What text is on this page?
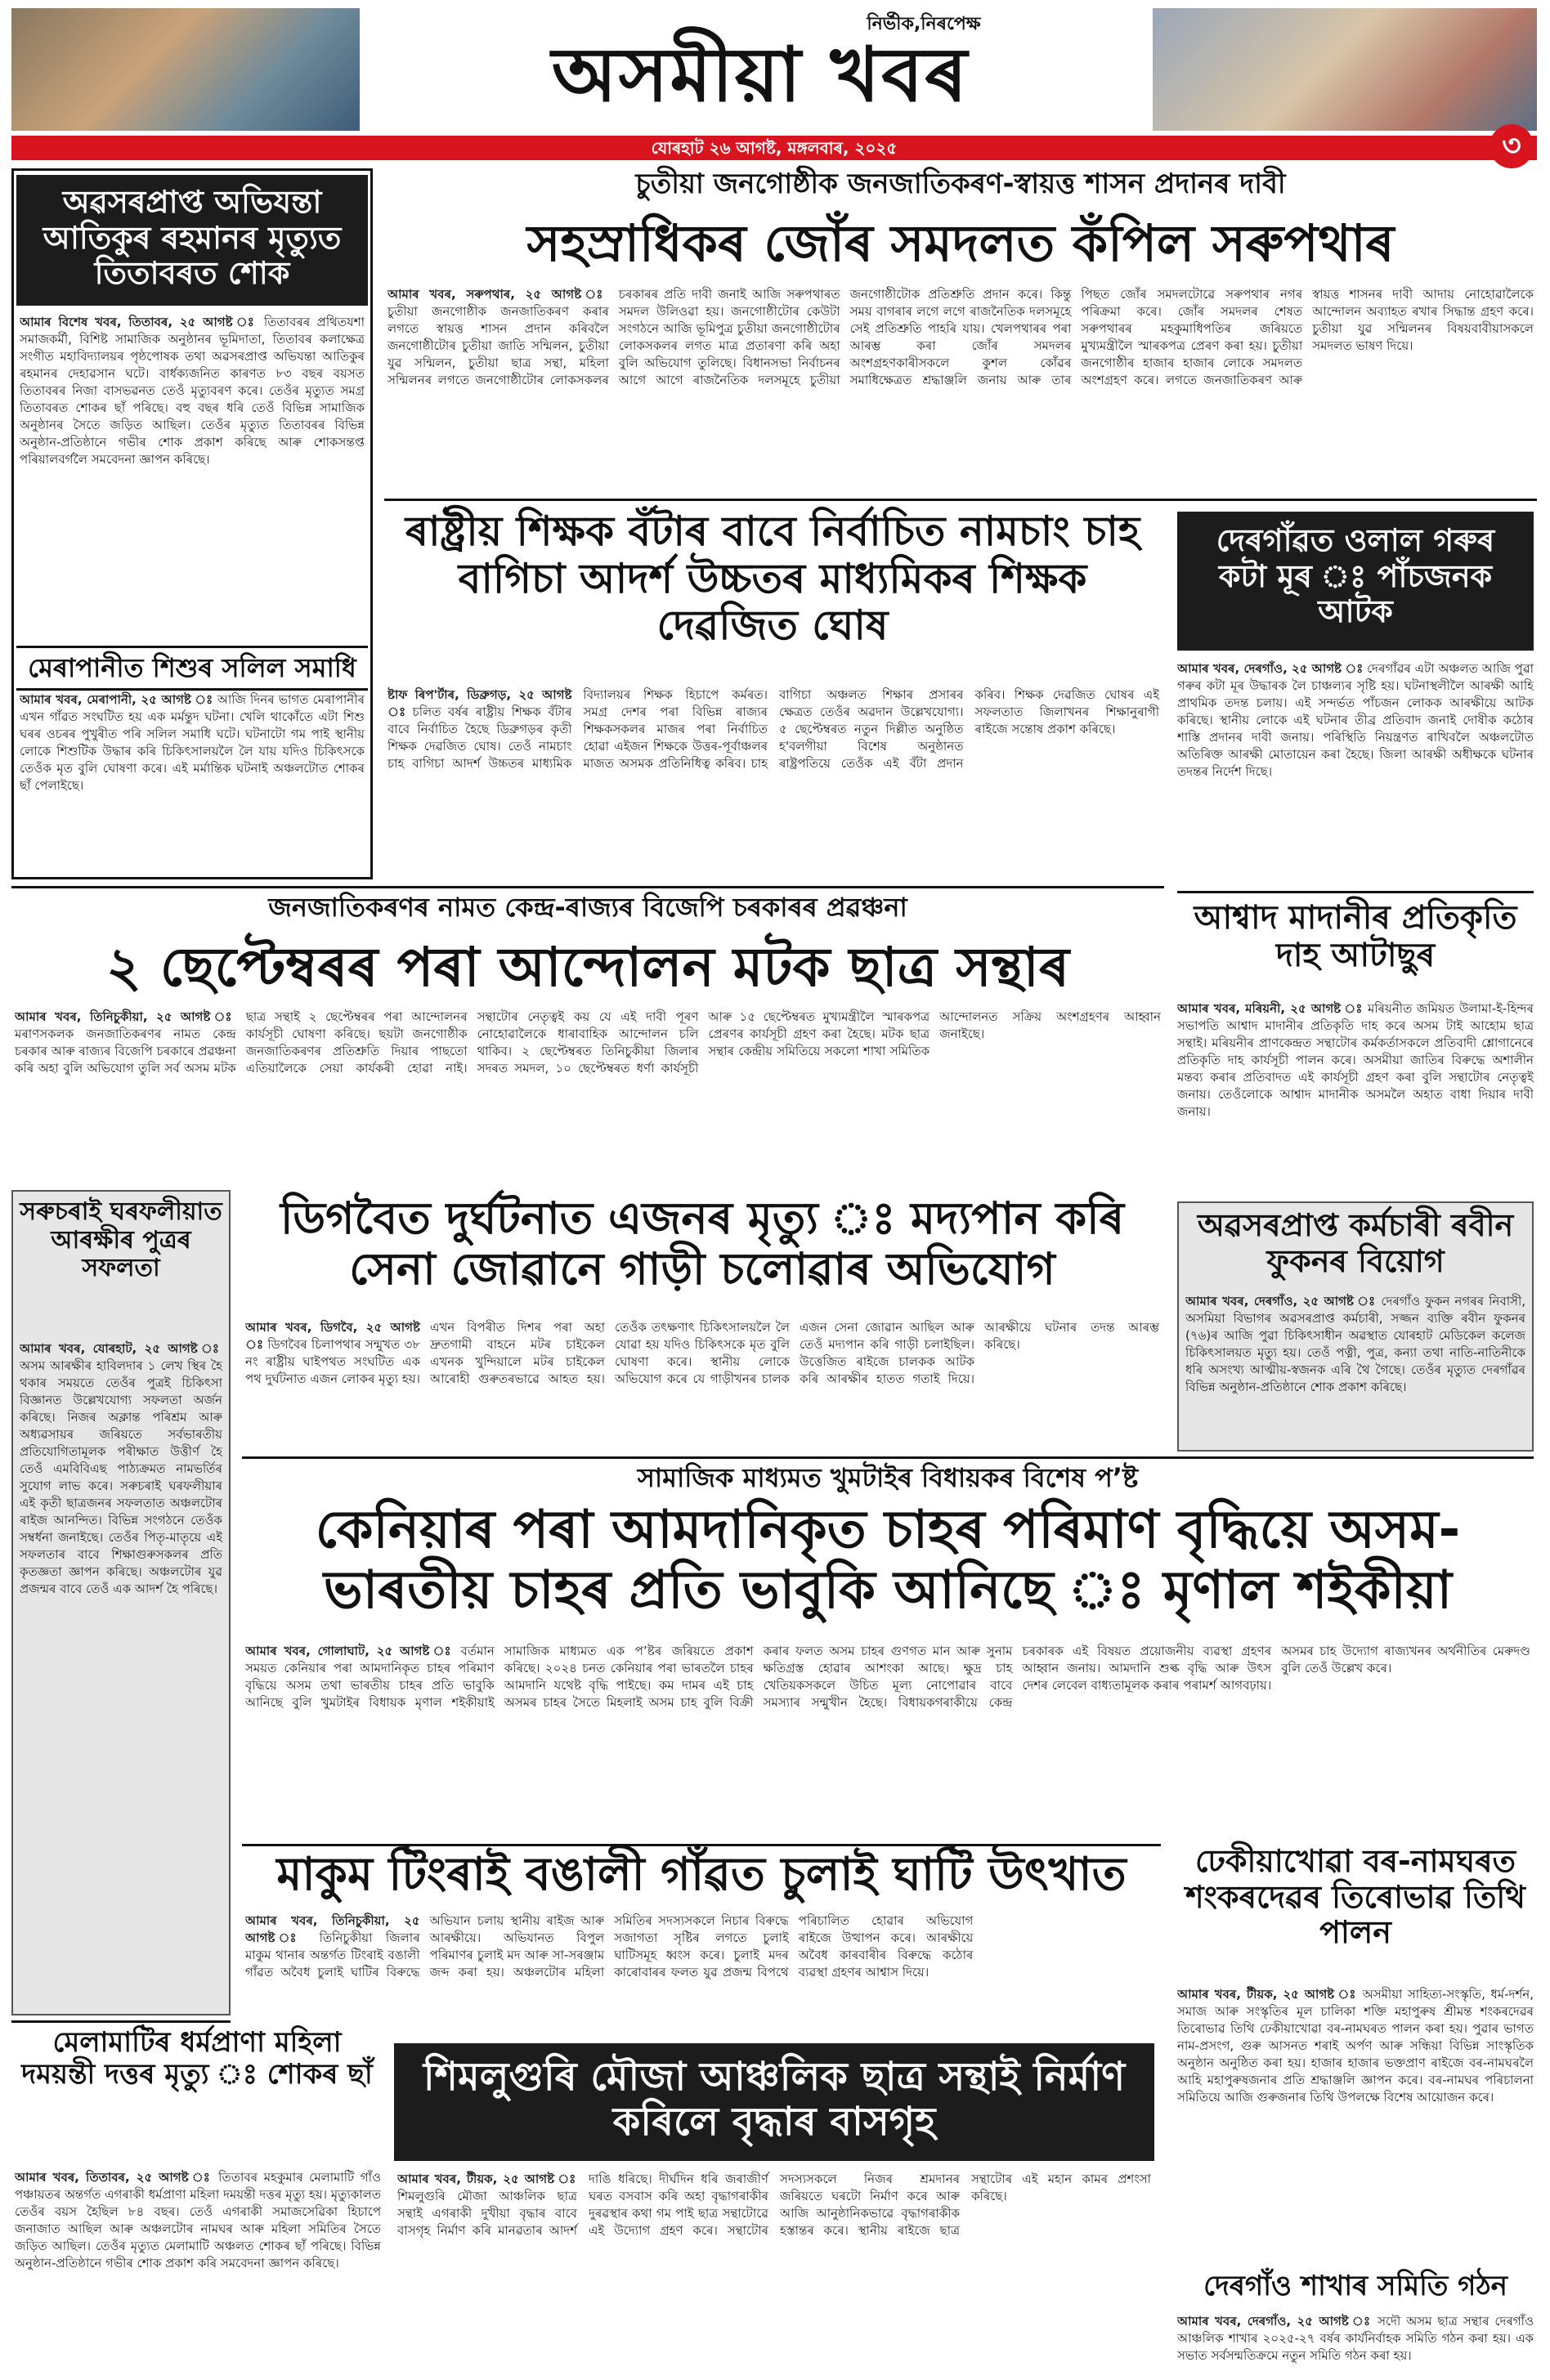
নিৰ্ভীক,নিৰপেক্ষ
অসমীয়া খবৰ
যোৰহাট ২৬ আগষ্ট, মঙ্গলবাৰ, ২০২৫	৩
অৱসৰপ্ৰাপ্ত অভিযন্তা আতিকুৰ ৰহমানৰ মৃত্যুত তিতাবৰত শোক
আমাৰ বিশেষ খবৰ, তিতাবৰ, ২৫ আগষ্ট ঃ তিতাবৰৰ প্ৰথিতযশা সমাজকৰ্মী, বিশিষ্ট সামাজিক অনুষ্ঠানৰ ভূমিদাতা, তিতাবৰ কলাক্ষেত্ৰ সংগীত মহাবিদ্যালয়ৰ পৃষ্ঠপোষক তথা অৱসৰপ্ৰাপ্ত অভিযন্তা আতিকুৰ ৰহমানৰ দেহাৱসান ঘটে। বাৰ্ধক্যজনিত কাৰণত ৮৩ বছৰ বয়সত তিতাবৰৰ নিজা বাসভৱনত তেওঁ মৃত্যুবৰণ কৰে। তেওঁৰ মৃত্যুত সমগ্ৰ তিতাবৰত শোকৰ ছাঁ পৰিছে। বহু বছৰ ধৰি তেওঁ বিভিন্ন সামাজিক অনুষ্ঠানৰ সৈতে জড়িত আছিল। তেওঁৰ মৃত্যুত তিতাবৰৰ বিভিন্ন অনুষ্ঠান-প্ৰতিষ্ঠানে গভীৰ শোক প্ৰকাশ কৰিছে আৰু শোকসন্তপ্ত পৰিয়ালবৰ্গলৈ সমবেদনা জ্ঞাপন কৰিছে।
মেৰাপানীত শিশুৰ সলিল সমাধি
আমাৰ খবৰ, মেৰাপানী, ২৫ আগষ্ট ঃ আজি দিনৰ ভাগত মেৰাপানীৰ এখন গাঁৱত সংঘটিত হয় এক মৰ্মন্তুদ ঘটনা। খেলি থাকোঁতে এটা শিশু ঘৰৰ ওচৰৰ পুখুৰীত পৰি সলিল সমাধি ঘটে। ঘটনাটো গম পাই স্থানীয় লোকে শিশুটিক উদ্ধাৰ কৰি চিকিৎসালয়লৈ লৈ যায় যদিও চিকিৎসকে তেওঁক মৃত বুলি ঘোষণা কৰে। এই মৰ্মান্তিক ঘটনাই অঞ্চলটোত শোকৰ ছাঁ পেলাইছে।
চুতীয়া জনগোষ্ঠীক জনজাতিকৰণ-স্বায়ত্ত শাসন প্ৰদানৰ দাবী
সহস্ৰাধিকৰ জোঁৰ সমদলত কঁপিল সৰুপথাৰ
আমাৰ খবৰ, সৰুপথাৰ, ২৫ আগষ্ট ঃ চুতীয়া জনগোষ্ঠীক জনজাতিকৰণ কৰাৰ লগতে স্বায়ত্ত শাসন প্ৰদান কৰিবলৈ জনগোষ্ঠীটোৰ চুতীয়া জাতি সন্মিলন, চুতীয়া যুৱ সন্মিলন, চুতীয়া ছাত্ৰ সন্থা, মহিলা সন্মিলনৰ লগতে জনগোষ্ঠীটোৰ লোকসকলৰ চৰকাৰৰ প্ৰতি দাবী জনাই আজি সৰুপথাৰত সমদল উলিওৱা হয়। জনগোষ্ঠীটোৰ কেউটা সংগঠনে আজি ভূমিপুত্ৰ চুতীয়া জনগোষ্ঠীটোৰ লোকসকলৰ লগত মাত্ৰ প্ৰতাৰণা কৰি অহা বুলি অভিযোগ তুলিছে। বিধানসভা নিৰ্বাচনৰ আগে আগে ৰাজনৈতিক দলসমূহে চুতীয়া জনগোষ্ঠীটোক প্ৰতিশ্ৰুতি প্ৰদান কৰে। কিন্তু সময় বাগৰাৰ লগে লগে ৰাজনৈতিক দলসমূহে সেই প্ৰতিশ্ৰুতি পাহৰি যায়। খেলপথাৰৰ পৰা আৰম্ভ কৰা জোঁৰ সমদলৰ অংশগ্ৰহণকাৰীসকলে কুশল কোঁৱৰ সমাধিক্ষেত্ৰত শ্ৰদ্ধাঞ্জলি জনায় আৰু তাৰ পিছত জোঁৰ সমদলটোৱে সৰুপথাৰ নগৰ পৰিক্ৰমা কৰে। জোঁৰ সমদলৰ শেষত সৰুপথাৰৰ মহকুমাধিপতিৰ জৰিয়তে মুখ্যমন্ত্ৰীলৈ স্মাৰকপত্ৰ প্ৰেৰণ কৰা হয়। চুতীয়া জনগোষ্ঠীৰ হাজাৰ হাজাৰ লোকে সমদলত অংশগ্ৰহণ কৰে। লগতে জনজাতিকৰণ আৰু স্বায়ত্ত শাসনৰ দাবী আদায় নোহোৱালৈকে আন্দোলন অব্যাহত ৰখাৰ সিদ্ধান্ত গ্ৰহণ কৰে। চুতীয়া যুৱ সন্মিলনৰ বিষয়বাবীয়াসকলে সমদলত ভাষণ দিয়ে।
ৰাষ্ট্ৰীয় শিক্ষক বঁটাৰ বাবে নিৰ্বাচিত নামচাং চাহ বাগিচা আদৰ্শ উচ্চতৰ মাধ্যমিকৰ শিক্ষক দেৱজিত ঘোষ
ষ্টাফ ৰিপ'ৰ্টাৰ, ডিব্ৰুগড়, ২৫ আগষ্ট ঃ চলিত বৰ্ষৰ ৰাষ্ট্ৰীয় শিক্ষক বঁটাৰ বাবে নিৰ্বাচিত হৈছে ডিব্ৰুগড়ৰ কৃতী শিক্ষক দেৱজিত ঘোষ। তেওঁ নামচাং চাহ বাগিচা আদৰ্শ উচ্চতৰ মাধ্যমিক বিদ্যালয়ৰ শিক্ষক হিচাপে কৰ্মৰত। সমগ্ৰ দেশৰ পৰা বিভিন্ন ৰাজ্যৰ শিক্ষকসকলৰ মাজৰ পৰা নিৰ্বাচিত হোৱা এইজন শিক্ষকে উত্তৰ-পূৰ্বাঞ্চলৰ মাজত অসমক প্ৰতিনিধিত্ব কৰিব। চাহ বাগিচা অঞ্চলত শিক্ষাৰ প্ৰসাৰৰ ক্ষেত্ৰত তেওঁৰ অৱদান উল্লেখযোগ্য। ৫ ছেপ্টেম্বৰত নতুন দিল্লীত অনুষ্ঠিত হ'বলগীয়া বিশেষ অনুষ্ঠানত ৰাষ্ট্ৰপতিয়ে তেওঁক এই বঁটা প্ৰদান কৰিব। শিক্ষক দেৱজিত ঘোষৰ এই সফলতাত জিলাখনৰ শিক্ষানুৰাগী ৰাইজে সন্তোষ প্ৰকাশ কৰিছে।
দেৰগাঁৱত ওলাল গৰুৰ কটা মূৰ ঃ পাঁচজনক আটক
আমাৰ খবৰ, দেৰগাঁও, ২৫ আগষ্ট ঃ দেৰগাঁৱৰ এটা অঞ্চলত আজি পুৱা গৰুৰ কটা মূৰ উদ্ধাৰক লৈ চাঞ্চল্যৰ সৃষ্টি হয়। ঘটনাস্থলীলৈ আৰক্ষী আহি প্ৰাথমিক তদন্ত চলায়। এই সন্দৰ্ভত পাঁচজন লোকক আৰক্ষীয়ে আটক কৰিছে। স্থানীয় লোকে এই ঘটনাৰ তীব্ৰ প্ৰতিবাদ জনাই দোষীক কঠোৰ শাস্তি প্ৰদানৰ দাবী জনায়। পৰিস্থিতি নিয়ন্ত্ৰণত ৰাখিবলৈ অঞ্চলটোত অতিৰিক্ত আৰক্ষী মোতায়েন কৰা হৈছে। জিলা আৰক্ষী অধীক্ষকে ঘটনাৰ তদন্তৰ নিৰ্দেশ দিছে।
জনজাতিকৰণৰ নামত কেন্দ্ৰ-ৰাজ্যৰ বিজেপি চৰকাৰৰ প্ৰৱঞ্চনা
২ ছেপ্টেম্বৰৰ পৰা আন্দোলন মটক ছাত্ৰ সন্থাৰ
আমাৰ খবৰ, তিনিচুকীয়া, ২৫ আগষ্ট ঃ মৰাণসকলক জনজাতিকৰণৰ নামত কেন্দ্ৰ চৰকাৰ আৰু ৰাজ্যৰ বিজেপি চৰকাৰে প্ৰৱঞ্চনা কৰি অহা বুলি অভিযোগ তুলি সৰ্ব অসম মটক ছাত্ৰ সন্থাই ২ ছেপ্টেম্বৰৰ পৰা আন্দোলনৰ কাৰ্যসূচী ঘোষণা কৰিছে। ছয়টা জনগোষ্ঠীক জনজাতিকৰণৰ প্ৰতিশ্ৰুতি দিয়াৰ পাছতো এতিয়ালৈকে সেয়া কাৰ্যকৰী হোৱা নাই। সন্থাটোৰ নেতৃত্বই কয় যে এই দাবী পূৰণ নোহোৱালৈকে ধাৰাবাহিক আন্দোলন চলি থাকিব। ২ ছেপ্টেম্বৰত তিনিচুকীয়া জিলাৰ সদৰত সমদল, ১০ ছেপ্টেম্বৰত ধৰ্ণা কাৰ্যসূচী আৰু ১৫ ছেপ্টেম্বৰত মুখ্যমন্ত্ৰীলৈ স্মাৰকপত্ৰ প্ৰেৰণৰ কাৰ্যসূচী গ্ৰহণ কৰা হৈছে। মটক ছাত্ৰ সন্থাৰ কেন্দ্ৰীয় সমিতিয়ে সকলো শাখা সমিতিক আন্দোলনত সক্ৰিয় অংশগ্ৰহণৰ আহ্বান জনাইছে।
আশ্বাদ মাদানীৰ প্ৰতিকৃতি দাহ আটাছুৰ
আমাৰ খবৰ, মৰিয়নী, ২৫ আগষ্ট ঃ মৰিয়নীত জমিয়ত উলামা-ই-হিন্দৰ সভাপতি আশ্বাদ মাদানীৰ প্ৰতিকৃতি দাহ কৰে অসম টাই আহোম ছাত্ৰ সন্থাই। মৰিয়নীৰ প্ৰাণকেন্দ্ৰত সন্থাটোৰ কৰ্মকৰ্তাসকলে প্ৰতিবাদী শ্লোগানেৰে প্ৰতিকৃতি দাহ কাৰ্যসূচী পালন কৰে। অসমীয়া জাতিৰ বিৰুদ্ধে অশালীন মন্তব্য কৰাৰ প্ৰতিবাদত এই কাৰ্যসূচী গ্ৰহণ কৰা বুলি সন্থাটোৰ নেতৃত্বই জনায়। তেওঁলোকে আশ্বাদ মাদানীক অসমলৈ অহাত বাধা দিয়াৰ দাবী জনায়।
সৰুচৰাই ঘৰফলীয়াত আৰক্ষীৰ পুত্ৰৰ সফলতা
আমাৰ খবৰ, যোৰহাট, ২৫ আগষ্ট ঃ অসম আৰক্ষীৰ হাবিলদাৰ ১ লেখ স্থিৰ হৈ থকাৰ সময়তে তেওঁৰ পুত্ৰই চিকিৎসা বিজ্ঞানত উল্লেখযোগ্য সফলতা অৰ্জন কৰিছে। নিজৰ অক্লান্ত পৰিশ্ৰম আৰু অধ্যৱসায়ৰ জৰিয়তে সৰ্বভাৰতীয় প্ৰতিযোগিতামূলক পৰীক্ষাত উত্তীৰ্ণ হৈ তেওঁ এমবিবিএছ পাঠ্যক্ৰমত নামভৰ্তিৰ সুযোগ লাভ কৰে। সৰুচৰাই ঘৰফলীয়াৰ এই কৃতী ছাত্ৰজনৰ সফলতাত অঞ্চলটোৰ ৰাইজ আনন্দিত। বিভিন্ন সংগঠনে তেওঁক সম্বৰ্ধনা জনাইছে। তেওঁৰ পিতৃ-মাতৃয়ে এই সফলতাৰ বাবে শিক্ষাগুৰুসকলৰ প্ৰতি কৃতজ্ঞতা জ্ঞাপন কৰিছে। অঞ্চলটোৰ যুৱ প্ৰজন্মৰ বাবে তেওঁ এক আদৰ্শ হৈ পৰিছে।
ডিগবৈত দুৰ্ঘটনাত এজনৰ মৃত্যু ঃ মদ্যপান কৰি সেনা জোৱানে গাড়ী চলোৱাৰ অভিযোগ
আমাৰ খবৰ, ডিগবৈ, ২৫ আগষ্ট ঃ ডিগবৈৰ চিলাপথাৰ সন্মুখত ৩৮ নং ৰাষ্ট্ৰীয় ঘাইপথত সংঘটিত এক পথ দুৰ্ঘটনাত এজন লোকৰ মৃত্যু হয়। এখন বিপৰীত দিশৰ পৰা অহা দ্ৰুতগামী বাহনে মটৰ চাইকেল এখনক খুন্দিয়ালে মটৰ চাইকেল আৰোহী গুৰুতৰভাৱে আহত হয়। তেওঁক তৎক্ষণাৎ চিকিৎসালয়লৈ লৈ যোৱা হয় যদিও চিকিৎসকে মৃত বুলি ঘোষণা কৰে। স্থানীয় লোকে অভিযোগ কৰে যে গাড়ীখনৰ চালক এজন সেনা জোৱান আছিল আৰু তেওঁ মদ্যপান কৰি গাড়ী চলাইছিল। উত্তেজিত ৰাইজে চালকক আটক কৰি আৰক্ষীৰ হাতত গতাই দিয়ে। আৰক্ষীয়ে ঘটনাৰ তদন্ত আৰম্ভ কৰিছে।
অৱসৰপ্ৰাপ্ত কৰ্মচাৰী ৰবীন ফুকনৰ বিয়োগ
আমাৰ খবৰ, দেৰগাঁও, ২৫ আগষ্ট ঃ দেৰগাঁও ফুকন নগৰৰ নিবাসী, অসমিয়া বিভাগৰ অৱসৰপ্ৰাপ্ত কৰ্মচাৰী, সজ্জন ব্যক্তি ৰবীন ফুকনৰ (৭৬)ৰ আজি পুৱা চিকিৎসাধীন অৱস্থাত যোৰহাট মেডিকেল কলেজ চিকিৎসালয়ত মৃত্যু হয়। তেওঁ পত্নী, পুত্ৰ, কন্যা তথা নাতি-নাতিনীকে ধৰি অসংখ্য আত্মীয়-স্বজনক এৰি থৈ গৈছে। তেওঁৰ মৃত্যুত দেৰগাঁৱৰ বিভিন্ন অনুষ্ঠান-প্ৰতিষ্ঠানে শোক প্ৰকাশ কৰিছে।
সামাজিক মাধ্যমত খুমটাইৰ বিধায়কৰ বিশেষ পʼষ্ট
কেনিয়াৰ পৰা আমদানিকৃত চাহৰ পৰিমাণ বৃদ্ধিয়ে অসম-ভাৰতীয় চাহৰ প্ৰতি ভাবুকি আনিছে ঃ মৃণাল শইকীয়া
আমাৰ খবৰ, গোলাঘাট, ২৫ আগষ্ট ঃ বৰ্তমান সময়ত কেনিয়াৰ পৰা আমদানিকৃত চাহৰ পৰিমাণ বৃদ্ধিয়ে অসম তথা ভাৰতীয় চাহৰ প্ৰতি ভাবুকি আনিছে বুলি খুমটাইৰ বিধায়ক মৃণাল শইকীয়াই সামাজিক মাধ্যমত এক পʼষ্টৰ জৰিয়তে প্ৰকাশ কৰিছে। ২০২৪ চনত কেনিয়াৰ পৰা ভাৰতলৈ চাহৰ আমদানি যথেষ্ট বৃদ্ধি পাইছে। কম দামৰ এই চাহ অসমৰ চাহৰ সৈতে মিহলাই অসম চাহ বুলি বিক্ৰী কৰাৰ ফলত অসম চাহৰ গুণগত মান আৰু সুনাম ক্ষতিগ্ৰস্ত হোৱাৰ আশংকা আছে। ক্ষুদ্ৰ চাহ খেতিয়কসকলে উচিত মূল্য নোপোৱাৰ বাবে সমস্যাৰ সন্মুখীন হৈছে। বিধায়কগৰাকীয়ে কেন্দ্ৰ চৰকাৰক এই বিষয়ত প্ৰয়োজনীয় ব্যৱস্থা গ্ৰহণৰ আহ্বান জনায়। আমদানি শুল্ক বৃদ্ধি আৰু উৎস দেশৰ লেবেল বাধ্যতামূলক কৰাৰ পৰামৰ্শ আগবঢ়ায়। অসমৰ চাহ উদ্যোগ ৰাজ্যখনৰ অৰ্থনীতিৰ মেৰুদণ্ড বুলি তেওঁ উল্লেখ কৰে।
মাকুম টিংৰাই বঙালী গাঁৱত চুলাই ঘাটি উৎখাত
আমাৰ খবৰ, তিনিচুকীয়া, ২৫ আগষ্ট ঃ তিনিচুকীয়া জিলাৰ মাকুম থানাৰ অন্তৰ্গত টিংৰাই বঙালী গাঁৱত অবৈধ চুলাই ঘাটিৰ বিৰুদ্ধে অভিযান চলায় স্থানীয় ৰাইজ আৰু আৰক্ষীয়ে। অভিযানত বিপুল পৰিমাণৰ চুলাই মদ আৰু সা-সৰঞ্জাম জব্দ কৰা হয়। অঞ্চলটোৰ মহিলা সমিতিৰ সদস্যসকলে নিচাৰ বিৰুদ্ধে সজাগতা সৃষ্টিৰ লগতে চুলাই ঘাটিসমূহ ধ্বংস কৰে। চুলাই মদৰ কাৰোবাৰৰ ফলত যুৱ প্ৰজন্ম বিপথে পৰিচালিত হোৱাৰ অভিযোগ ৰাইজে উত্থাপন কৰে। আৰক্ষীয়ে অবৈধ কাৰবাৰীৰ বিৰুদ্ধে কঠোৰ ব্যৱস্থা গ্ৰহণৰ আশ্বাস দিয়ে।
ঢেকীয়াখোৱা বৰ-নামঘৰত শংকৰদেৱৰ তিৰোভাৱ তিথি পালন
আমাৰ খবৰ, টীয়ক, ২৫ আগষ্ট ঃ অসমীয়া সাহিত্য-সংস্কৃতি, ধৰ্ম-দৰ্শন, সমাজ আৰু সংস্কৃতিৰ মূল চালিকা শক্তি মহাপুৰুষ শ্ৰীমন্ত শংকৰদেৱৰ তিৰোভাৱ তিথি ঢেকীয়াখোৱা বৰ-নামঘৰত পালন কৰা হয়। পুৱাৰ ভাগত নাম-প্ৰসংগ, গুৰু আসনত শৰাই অৰ্পণ আৰু সন্ধিয়া বিভিন্ন সাংস্কৃতিক অনুষ্ঠান অনুষ্ঠিত কৰা হয়। হাজাৰ হাজাৰ ভক্তপ্ৰাণ ৰাইজে বৰ-নামঘৰলৈ আহি মহাপুৰুষজনাৰ প্ৰতি শ্ৰদ্ধাঞ্জলি জ্ঞাপন কৰে। বৰ-নামঘৰ পৰিচালনা সমিতিয়ে আজি গুৰুজনাৰ তিথি উপলক্ষে বিশেষ আয়োজন কৰে।
মেলামাটিৰ ধৰ্মপ্ৰাণা মহিলা দময়ন্তী দত্তৰ মৃত্যু ঃ শোকৰ ছাঁ
আমাৰ খবৰ, তিতাবৰ, ২৫ আগষ্ট ঃ তিতাবৰ মহকুমাৰ মেলামাটি গাঁও পঞ্চায়তৰ অন্তৰ্গত এগৰাকী ধৰ্মপ্ৰাণা মহিলা দময়ন্তী দত্তৰ মৃত্যু হয়। মৃত্যুকালত তেওঁৰ বয়স হৈছিল ৮৪ বছৰ। তেওঁ এগৰাকী সমাজসেৱিকা হিচাপে জনাজাত আছিল আৰু অঞ্চলটোৰ নামঘৰ আৰু মহিলা সমিতিৰ সৈতে জড়িত আছিল। তেওঁৰ মৃত্যুত মেলামাটি অঞ্চলত শোকৰ ছাঁ পৰিছে। বিভিন্ন অনুষ্ঠান-প্ৰতিষ্ঠানে গভীৰ শোক প্ৰকাশ কৰি সমবেদনা জ্ঞাপন কৰিছে।
শিমলুগুৰি মৌজা আঞ্চলিক ছাত্ৰ সন্থাই নিৰ্মাণ কৰিলে বৃদ্ধাৰ বাসগৃহ
আমাৰ খবৰ, টীয়ক, ২৫ আগষ্ট ঃ শিমলুগুৰি মৌজা আঞ্চলিক ছাত্ৰ সন্থাই এগৰাকী দুখীয়া বৃদ্ধাৰ বাবে বাসগৃহ নিৰ্মাণ কৰি মানৱতাৰ আদৰ্শ দাঙি ধৰিছে। দীৰ্ঘদিন ধৰি জৰাজীৰ্ণ ঘৰত বসবাস কৰি অহা বৃদ্ধাগৰাকীৰ দুৰৱস্থাৰ কথা গম পাই ছাত্ৰ সন্থাটোৱে এই উদ্যোগ গ্ৰহণ কৰে। সন্থাটোৰ সদস্যসকলে নিজৰ শ্ৰমদানৰ জৰিয়তে ঘৰটো নিৰ্মাণ কৰে আৰু আজি আনুষ্ঠানিকভাৱে বৃদ্ধাগৰাকীক হস্তান্তৰ কৰে। স্থানীয় ৰাইজে ছাত্ৰ সন্থাটোৰ এই মহান কামৰ প্ৰশংসা কৰিছে।
দেৰগাঁও শাখাৰ সমিতি গঠন
আমাৰ খবৰ, দেৰগাঁও, ২৫ আগষ্ট ঃ সদৌ অসম ছাত্ৰ সন্থাৰ দেৰগাঁও আঞ্চলিক শাখাৰ ২০২৫-২৭ বৰ্ষৰ কাৰ্যনিৰ্বাহক সমিতি গঠন কৰা হয়। এক সভাত সৰ্বসন্মতিক্ৰমে নতুন সমিতি গঠন কৰা হয়।
